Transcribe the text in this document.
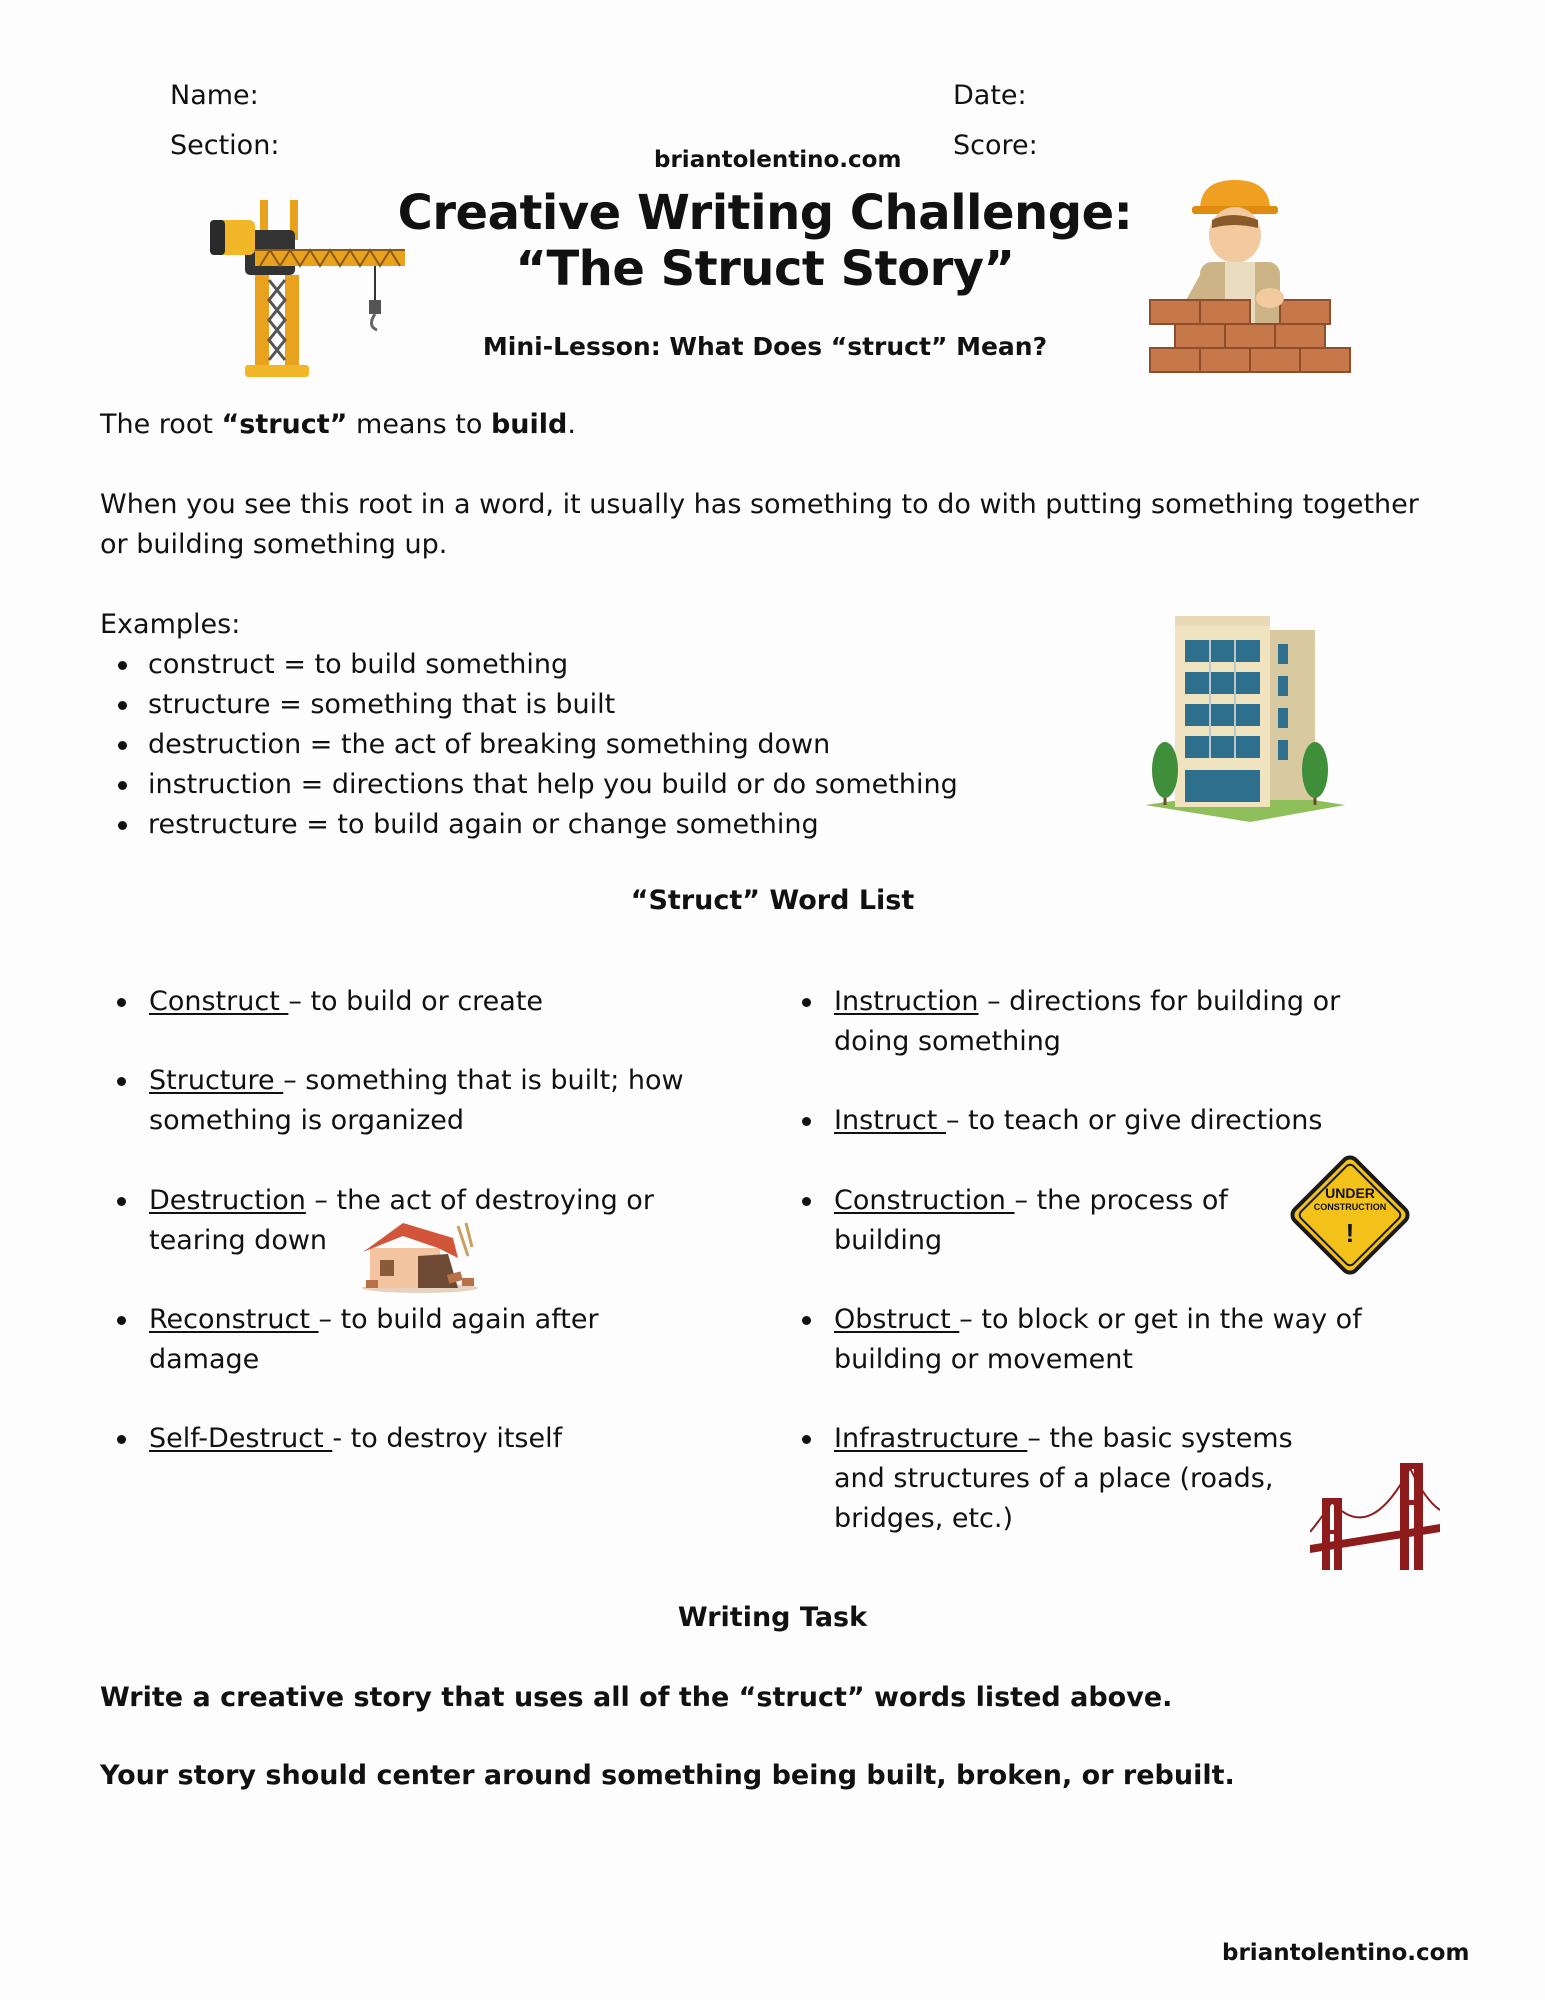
Name:	Date:
Section:	Score:
briantolentino.com
Creative Writing Challenge:
“The Struct Story”
Mini-Lesson: What Does “struct” Mean?
The root “struct” means to build.
When you see this root in a word, it usually has something to do with putting something together or building something up.
Examples:
construct = to build something
structure = something that is built
destruction = the act of breaking something down
instruction = directions that help you build or do something
restructure = to build again or change something
“Struct” Word List
Construct – to build or create
Structure – something that is built; how something is organized
Destruction – the act of destroying or tearing down
Reconstruct – to build again after damage
Self-Destruct - to destroy itself
Instruction – directions for building or doing something
Instruct – to teach or give directions
Construction – the process of building
Obstruct – to block or get in the way of building or movement
Infrastructure – the basic systems and structures of a place (roads, bridges, etc.)
UNDER
CONSTRUCTION
!
Writing Task
Write a creative story that uses all of the “struct” words listed above.
Your story should center around something being built, broken, or rebuilt.
briantolentino.com
